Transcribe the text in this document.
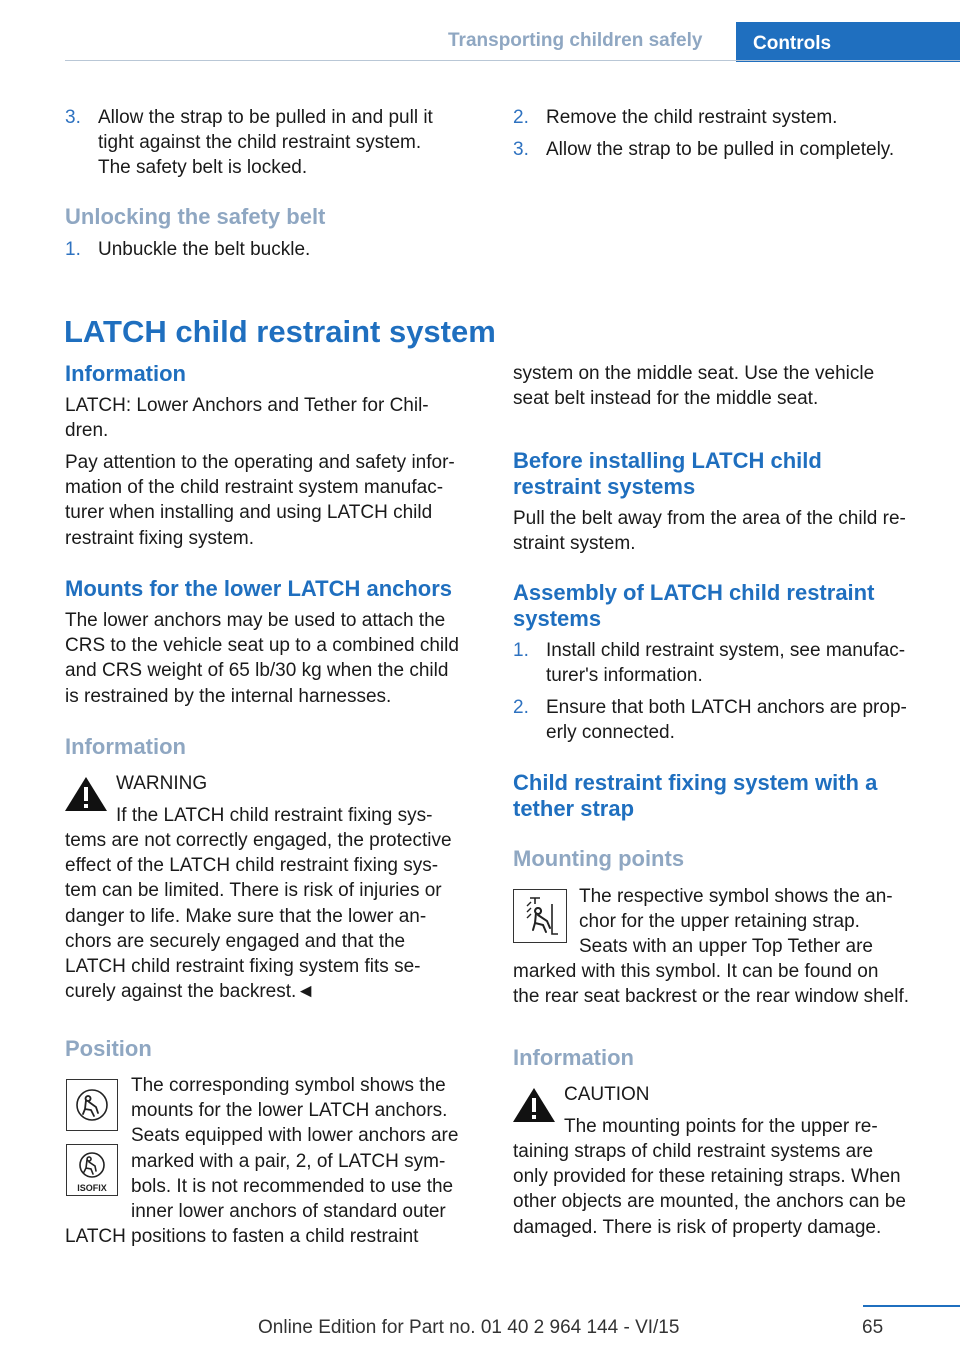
Transporting children safely	Controls
3. Allow the strap to be pulled in and pull it
tight against the child restraint system.
The safety belt is locked.
Unlocking the safety belt
1. Unbuckle the belt buckle.
2. Remove the child restraint system.
3. Allow the strap to be pulled in completely.
LATCH child restraint system
Information
LATCH: Lower Anchors and Tether for Chil-
dren.
Pay attention to the operating and safety infor-
mation of the child restraint system manufac-
turer when installing and using LATCH child
restraint fixing system.
Mounts for the lower LATCH anchors
The lower anchors may be used to attach the
CRS to the vehicle seat up to a combined child
and CRS weight of 65 lb/30 kg when the child
is restrained by the internal harnesses.
Information
WARNING
If the LATCH child restraint fixing sys-
tems are not correctly engaged, the protective
effect of the LATCH child restraint fixing sys-
tem can be limited. There is risk of injuries or
danger to life. Make sure that the lower an-
chors are securely engaged and that the
LATCH child restraint fixing system fits se-
curely against the backrest.◄
Position
ISOFIX
The corresponding symbol shows the
mounts for the lower LATCH anchors.
Seats equipped with lower anchors are
marked with a pair, 2, of LATCH sym-
bols. It is not recommended to use the
inner lower anchors of standard outer
LATCH positions to fasten a child restraint
system on the middle seat. Use the vehicle
seat belt instead for the middle seat.
Before installing LATCH child
restraint systems
Pull the belt away from the area of the child re-
straint system.
Assembly of LATCH child restraint
systems
1. Install child restraint system, see manufac-
turer's information.
2. Ensure that both LATCH anchors are prop-
erly connected.
Child restraint fixing system with a
tether strap
Mounting points
The respective symbol shows the an-
chor for the upper retaining strap.
Seats with an upper Top Tether are
marked with this symbol. It can be found on
the rear seat backrest or the rear window shelf.
Information
CAUTION
The mounting points for the upper re-
taining straps of child restraint systems are
only provided for these retaining straps. When
other objects are mounted, the anchors can be
damaged. There is risk of property damage.
Online Edition for Part no. 01 40 2 964 144 - VI/15	65
